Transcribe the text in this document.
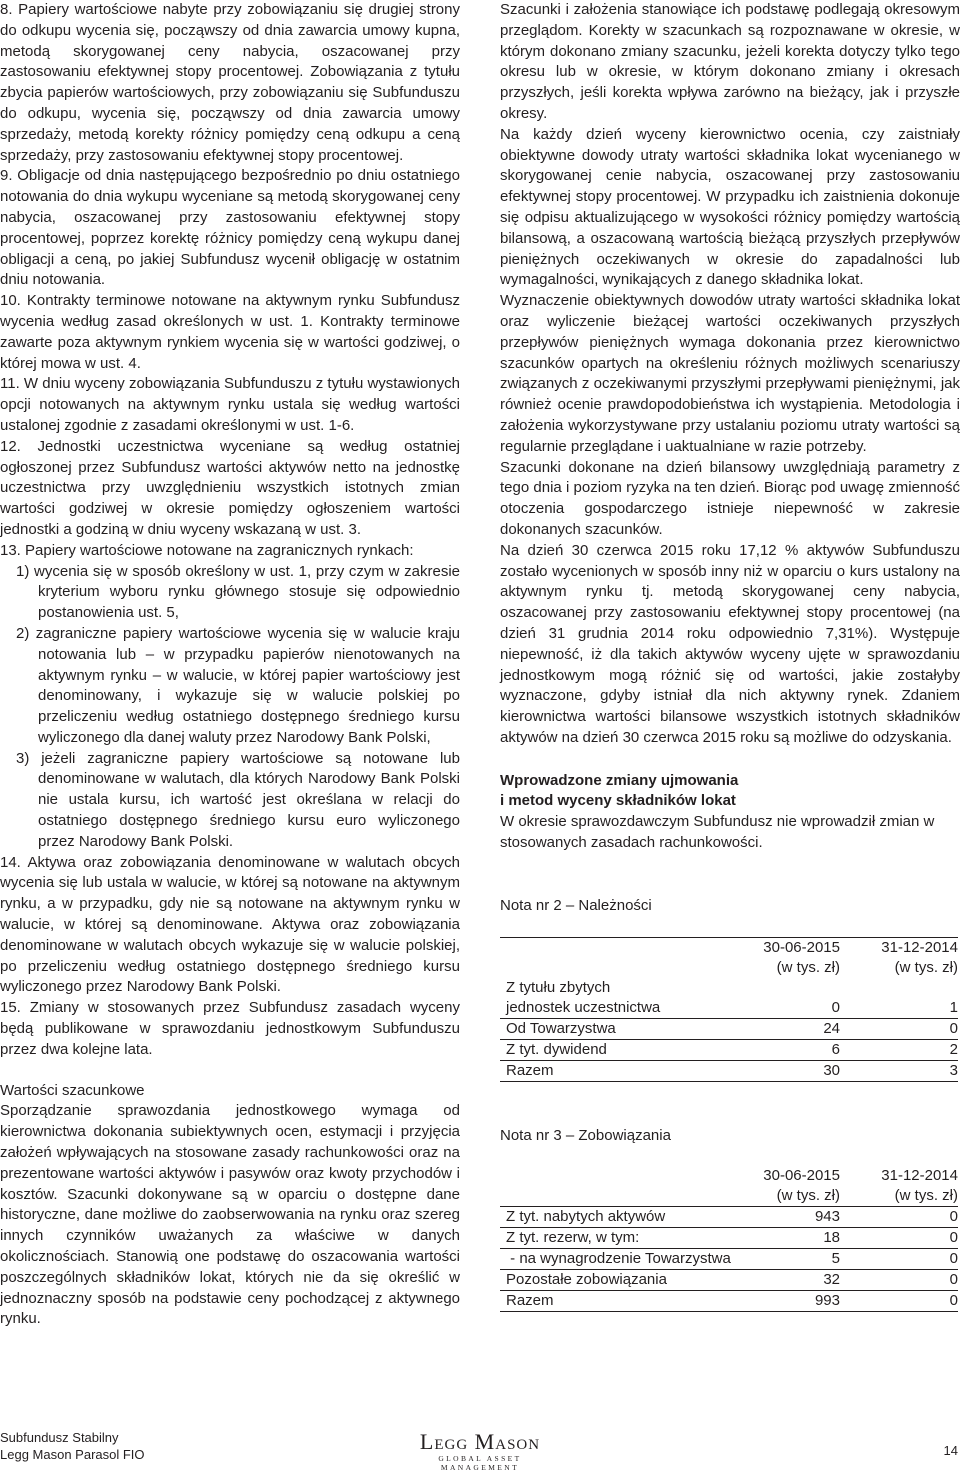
8. Papiery wartościowe nabyte przy zobowiązaniu się drugiej strony do odkupu wycenia się, począwszy od dnia zawarcia umowy kupna, metodą skorygowanej ceny nabycia, oszacowanej przy zastosowaniu efektywnej stopy procentowej. Zobowiązania z tytułu zbycia papierów wartościowych, przy zobowiązaniu się Subfunduszu do odkupu, wycenia się, począwszy od dnia zawarcia umowy sprzedaży, metodą korekty różnicy pomiędzy ceną odkupu a ceną sprzedaży, przy zastosowaniu efektywnej stopy procentowej.

9. Obligacje od dnia następującego bezpośrednio po dniu ostatniego notowania do dnia wykupu wyceniane są metodą skorygowanej ceny nabycia, oszacowanej przy zastosowaniu efektywnej stopy procentowej, poprzez korektę różnicy pomiędzy ceną wykupu danej obligacji a ceną, po jakiej Subfundusz wycenił obligację w ostatnim dniu notowania.

10. Kontrakty terminowe notowane na aktywnym rynku Subfundusz wycenia według zasad określonych w ust. 1. Kontrakty terminowe zawarte poza aktywnym rynkiem wycenia się w wartości godziwej, o której mowa w ust. 4.

11. W dniu wyceny zobowiązania Subfunduszu z tytułu wystawionych opcji notowanych na aktywnym rynku ustala się według wartości ustalonej zgodnie z zasadami określonymi w ust. 1-6.

12. Jednostki uczestnictwa wyceniane są według ostatniej ogłoszonej przez Subfundusz wartości aktywów netto na jednostkę uczestnictwa przy uwzględnieniu wszystkich istotnych zmian wartości godziwej w okresie pomiędzy ogłoszeniem wartości jednostki a godziną w dniu wyceny wskazaną w ust. 3.

13. Papiery wartościowe notowane na zagranicznych rynkach:

1) wycenia się w sposób określony w ust. 1, przy czym w zakresie kryterium wyboru rynku głównego stosuje się odpowiednio postanowienia ust. 5,

2) zagraniczne papiery wartościowe wycenia się w walucie kraju notowania lub – w przypadku papierów nienotowanych na aktywnym rynku – w walucie, w której papier wartościowy jest denominowany, i wykazuje się w walucie polskiej po przeliczeniu według ostatniego dostępnego średniego kursu wyliczonego dla danej waluty przez Narodowy Bank Polski,

3) jeżeli zagraniczne papiery wartościowe są notowane lub denominowane w walutach, dla których Narodowy Bank Polski nie ustala kursu, ich wartość jest określana w relacji do ostatniego dostępnego średniego kursu euro wyliczonego przez Narodowy Bank Polski.

14. Aktywa oraz zobowiązania denominowane w walutach obcych wycenia się lub ustala w walucie, w której są notowane na aktywnym rynku, a w przypadku, gdy nie są notowane na aktywnym rynku w walucie, w której są denominowane. Aktywa oraz zobowiązania denominowane w walutach obcych wykazuje się w walucie polskiej, po przeliczeniu według ostatniego dostępnego średniego kursu wyliczonego przez Narodowy Bank Polski.

15. Zmiany w stosowanych przez Subfundusz zasadach wyceny będą publikowane w sprawozdaniu jednostkowym Subfunduszu przez dwa kolejne lata.

Wartości szacunkowe

Sporządzanie sprawozdania jednostkowego wymaga od kierownictwa dokonania subiektywnych ocen, estymacji i przyjęcia założeń wpływających na stosowane zasady rachunkowości oraz na prezentowane wartości aktywów i pasywów oraz kwoty przychodów i kosztów. Szacunki dokonywane są w oparciu o dostępne dane historyczne, dane możliwe do zaobserwowania na rynku oraz szereg innych czynników uważanych za właściwe w danych okolicznościach. Stanowią one podstawę do oszacowania wartości poszczególnych składników lokat, których nie da się określić w jednoznaczny sposób na podstawie ceny pochodzącej z aktywnego rynku.

Szacunki i założenia stanowiące ich podstawę podlegają okresowym przeglądom. Korekty w szacunkach są rozpoznawane w okresie, w którym dokonano zmiany szacunku, jeżeli korekta dotyczy tylko tego okresu lub w okresie, w którym dokonano zmiany i okresach przyszłych, jeśli korekta wpływa zarówno na bieżący, jak i przyszłe okresy.

Na każdy dzień wyceny kierownictwo ocenia, czy zaistniały obiektywne dowody utraty wartości składnika lokat wycenianego w skorygowanej cenie nabycia, oszacowanej przy zastosowaniu efektywnej stopy procentowej. W przypadku ich zaistnienia dokonuje się odpisu aktualizującego w wysokości różnicy pomiędzy wartością bilansową, a oszacowaną wartością bieżącą przyszłych przepływów pieniężnych oczekiwanych w okresie do zapadalności lub wymagalności, wynikających z danego składnika lokat.

Wyznaczenie obiektywnych dowodów utraty wartości składnika lokat oraz wyliczenie bieżącej wartości oczekiwanych przyszłych przepływów pieniężnych wymaga dokonania przez kierownictwo szacunków opartych na określeniu różnych możliwych scenariuszy związanych z oczekiwanymi przyszłymi przepływami pieniężnymi, jak również ocenie prawdopodobieństwa ich wystąpienia. Metodologia i założenia wykorzystywane przy ustalaniu poziomu utraty wartości są regularnie przeglądane i uaktualniane w razie potrzeby.

Szacunki dokonane na dzień bilansowy uwzględniają parametry z tego dnia i poziom ryzyka na ten dzień. Biorąc pod uwagę zmienność otoczenia gospodarczego istnieje niepewność w zakresie dokonanych szacunków.

Na dzień 30 czerwca 2015 roku 17,12 % aktywów Subfunduszu zostało wycenionych w sposób inny niż w oparciu o kurs ustalony na aktywnym rynku tj. metodą skorygowanej ceny nabycia, oszacowanej przy zastosowaniu efektywnej stopy procentowej (na dzień 31 grudnia 2014 roku odpowiednio 7,31%). Występuje niepewność, iż dla takich aktywów wyceny ujęte w sprawozdaniu jednostkowym mogą różnić się od wartości, jakie zostałyby wyznaczone, gdyby istniał dla nich aktywny rynek. Zdaniem kierownictwa wartości bilansowe wszystkich istotnych składników aktywów na dzień 30 czerwca 2015 roku są możliwe do odzyskania.

Wprowadzone zmiany ujmowania
i metod wyceny składników lokat

W okresie sprawozdawczym Subfundusz nie wprowadził zmian w stosowanych zasadach rachunkowości.

Nota nr 2 – Należności

	30-06-2015	31-12-2014
	(w tys. zł)	(w tys. zł)
Z tytułu zbytych		
jednostek uczestnictwa	0	1
Od Towarzystwa	24	0
Z tyt. dywidend	6	2
Razem	30	3

Nota nr 3 – Zobowiązania

	30-06-2015	31-12-2014
	(w tys. zł)	(w tys. zł)
Z tyt. nabytych aktywów	943	0
Z tyt. rezerw, w tym:	18	0
- na wynagrodzenie Towarzystwa	5	0
Pozostałe zobowiązania	32	0
Razem	993	0
Subfundusz Stabilny
Legg Mason Parasol FIO
Legg Mason
GLOBAL ASSET MANAGEMENT
14
